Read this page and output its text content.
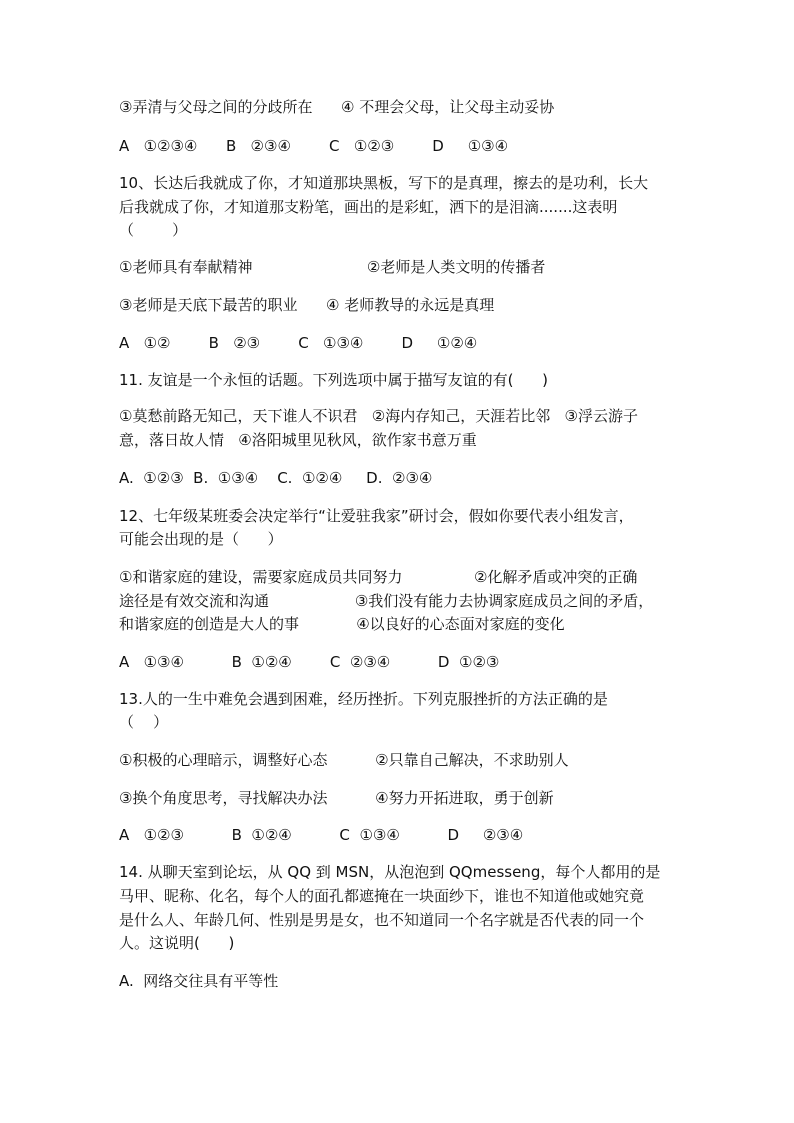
③弄清与父母之间的分歧所在      ④ 不理会父母，让父母主动妥协
A   ①②③④      B   ②③④        C   ①②③        D     ①③④
10、长达后我就成了你，才知道那块黑板，写下的是真理，擦去的是功利，长大
后我就成了你，才知道那支粉笔，画出的是彩虹，洒下的是泪滴.......这表明
（        ）
①老师具有奉献精神                        ②老师是人类文明的传播者
③老师是天底下最苦的职业      ④ 老师教导的永远是真理
A   ①②        B   ②③        C   ①③④        D     ①②④
11. 友谊是一个永恒的话题。下列选项中属于描写友谊的有(      )
①莫愁前路无知己，天下谁人不识君   ②海内存知己，天涯若比邻   ③浮云游子
意，落日故人情   ④洛阳城里见秋风，欲作家书意万重
A.  ①②③  B.  ①③④    C.  ①②④     D.  ②③④
12、七年级某班委会决定举行“让爱驻我家”研讨会，假如你要代表小组发言，
可能会出现的是（      ）
①和谐家庭的建设，需要家庭成员共同努力               ②化解矛盾或冲突的正确
途径是有效交流和沟通                  ③我们没有能力去协调家庭成员之间的矛盾，
和谐家庭的创造是大人的事            ④以良好的心态面对家庭的变化
A   ①③④          B  ①②④        C  ②③④          D  ①②③
13.人的一生中难免会遇到困难，经历挫折。下列克服挫折的方法正确的是
（    ）
①积极的心理暗示，调整好心态          ②只靠自己解决，不求助别人
③换个角度思考，寻找解决办法          ④努力开拓进取，勇于创新
A   ①②③          B  ①②④          C  ①③④          D     ②③④
14. 从聊天室到论坛，从 QQ 到 MSN，从泡泡到 QQmesseng，每个人都用的是
马甲、昵称、化名，每个人的面孔都遮掩在一块面纱下，谁也不知道他或她究竟
是什么人、年龄几何、性别是男是女，也不知道同一个名字就是否代表的同一个
人。这说明(      )
A.  网络交往具有平等性
